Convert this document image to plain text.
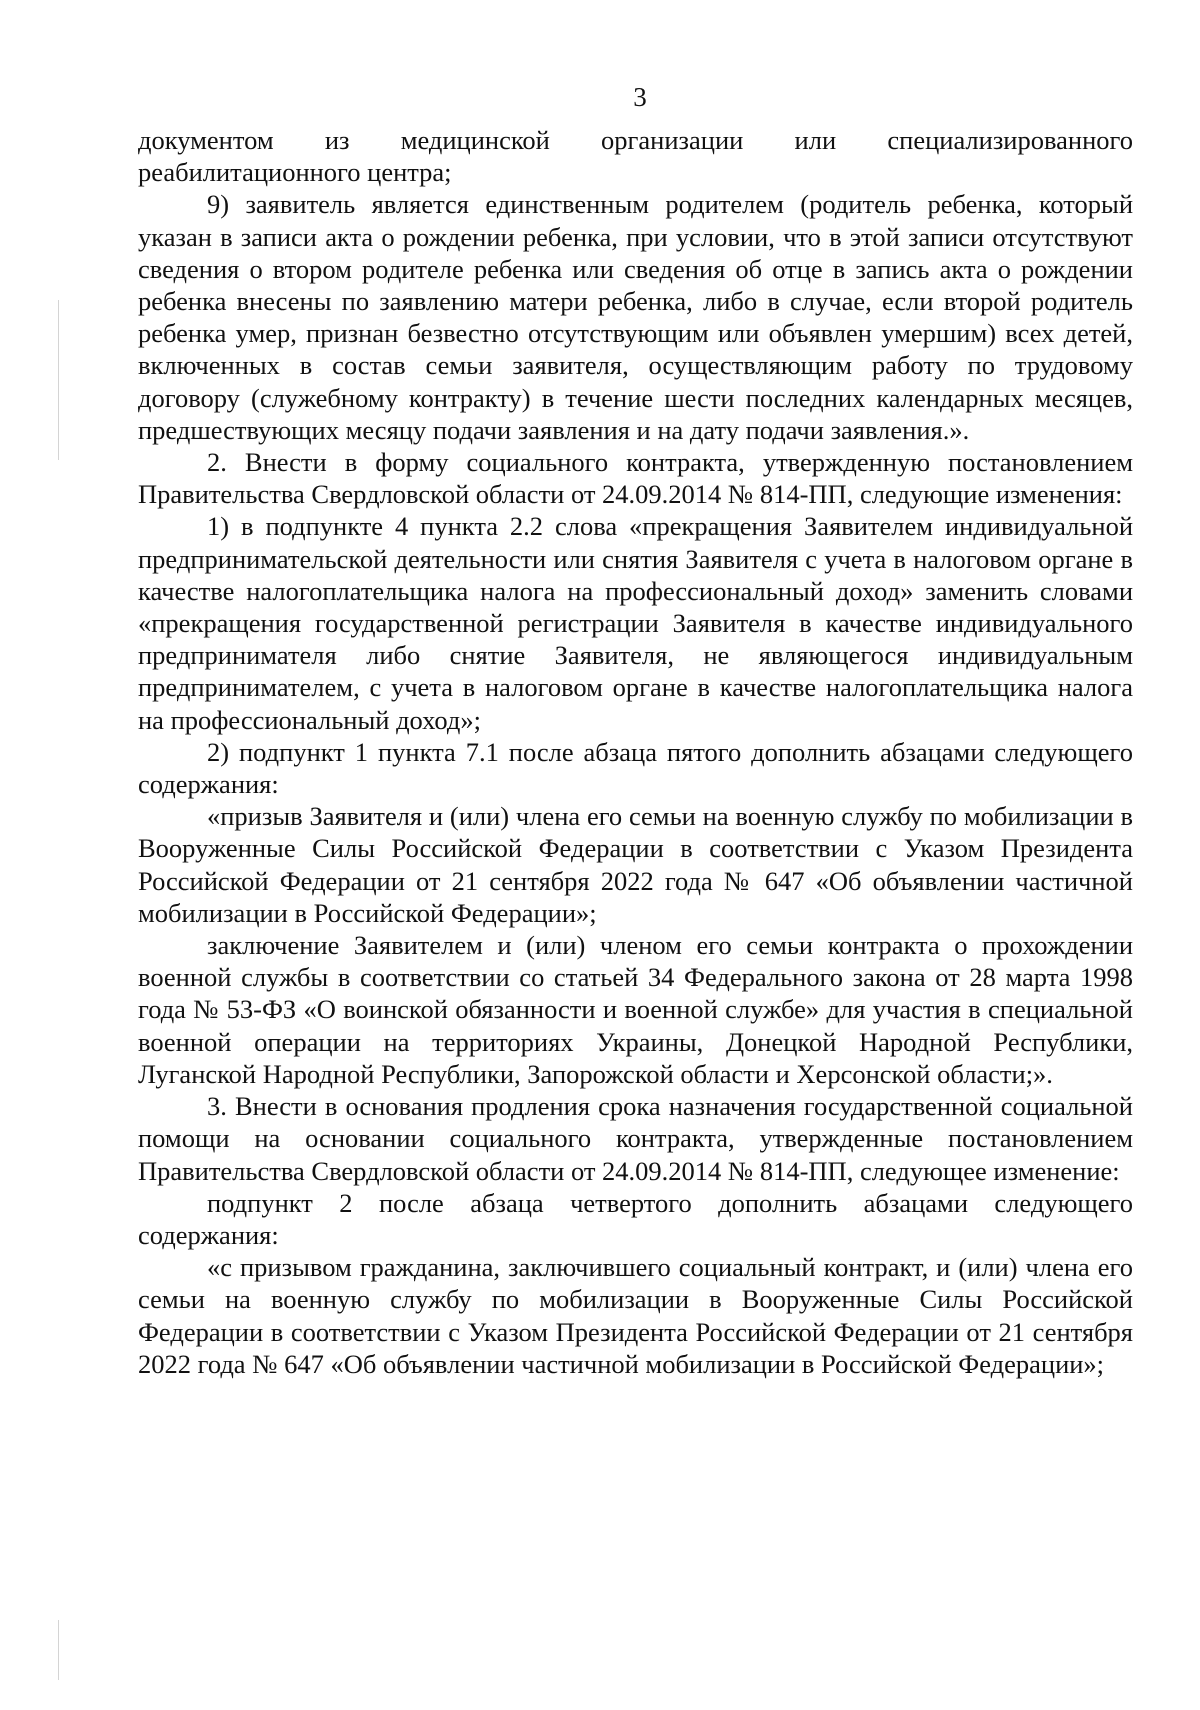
3

документом из медицинской организации или специализированного реабилитационного центра;

9) заявитель является единственным родителем (родитель ребенка, который указан в записи акта о рождении ребенка, при условии, что в этой записи отсутствуют сведения о втором родителе ребенка или сведения об отце в запись акта о рождении ребенка внесены по заявлению матери ребенка, либо в случае, если второй родитель ребенка умер, признан безвестно отсутствующим или объявлен умершим) всех детей, включенных в состав семьи заявителя, осуществляющим работу по трудовому договору (служебному контракту) в течение шести последних календарных месяцев, предшествующих месяцу подачи заявления и на дату подачи заявления.».

2. Внести в форму социального контракта, утвержденную постановлением Правительства Свердловской области от 24.09.2014 № 814-ПП, следующие изменения:

1) в подпункте 4 пункта 2.2 слова «прекращения Заявителем индивидуальной предпринимательской деятельности или снятия Заявителя с учета в налоговом органе в качестве налогоплательщика налога на профессиональный доход» заменить словами «прекращения государственной регистрации Заявителя в качестве индивидуального предпринимателя либо снятие Заявителя, не являющегося индивидуальным предпринимателем, с учета в налоговом органе в качестве налогоплательщика налога на профессиональный доход»;

2) подпункт 1 пункта 7.1 после абзаца пятого дополнить абзацами следующего содержания:

«призыв Заявителя и (или) члена его семьи на военную службу по мобилизации в Вооруженные Силы Российской Федерации в соответствии с Указом Президента Российской Федерации от 21 сентября 2022 года № 647 «Об объявлении частичной мобилизации в Российской Федерации»;

заключение Заявителем и (или) членом его семьи контракта о прохождении военной службы в соответствии со статьей 34 Федерального закона от 28 марта 1998 года № 53-ФЗ «О воинской обязанности и военной службе» для участия в специальной военной операции на территориях Украины, Донецкой Народной Республики, Луганской Народной Республики, Запорожской области и Херсонской области;».

3. Внести в основания продления срока назначения государственной социальной помощи на основании социального контракта, утвержденные постановлением Правительства Свердловской области от 24.09.2014 № 814-ПП, следующее изменение:

подпункт 2 после абзаца четвертого дополнить абзацами следующего содержания:

«с призывом гражданина, заключившего социальный контракт, и (или) члена его семьи на военную службу по мобилизации в Вооруженные Силы Российской Федерации в соответствии с Указом Президента Российской Федерации от 21 сентября 2022 года № 647 «Об объявлении частичной мобилизации в Российской Федерации»;
